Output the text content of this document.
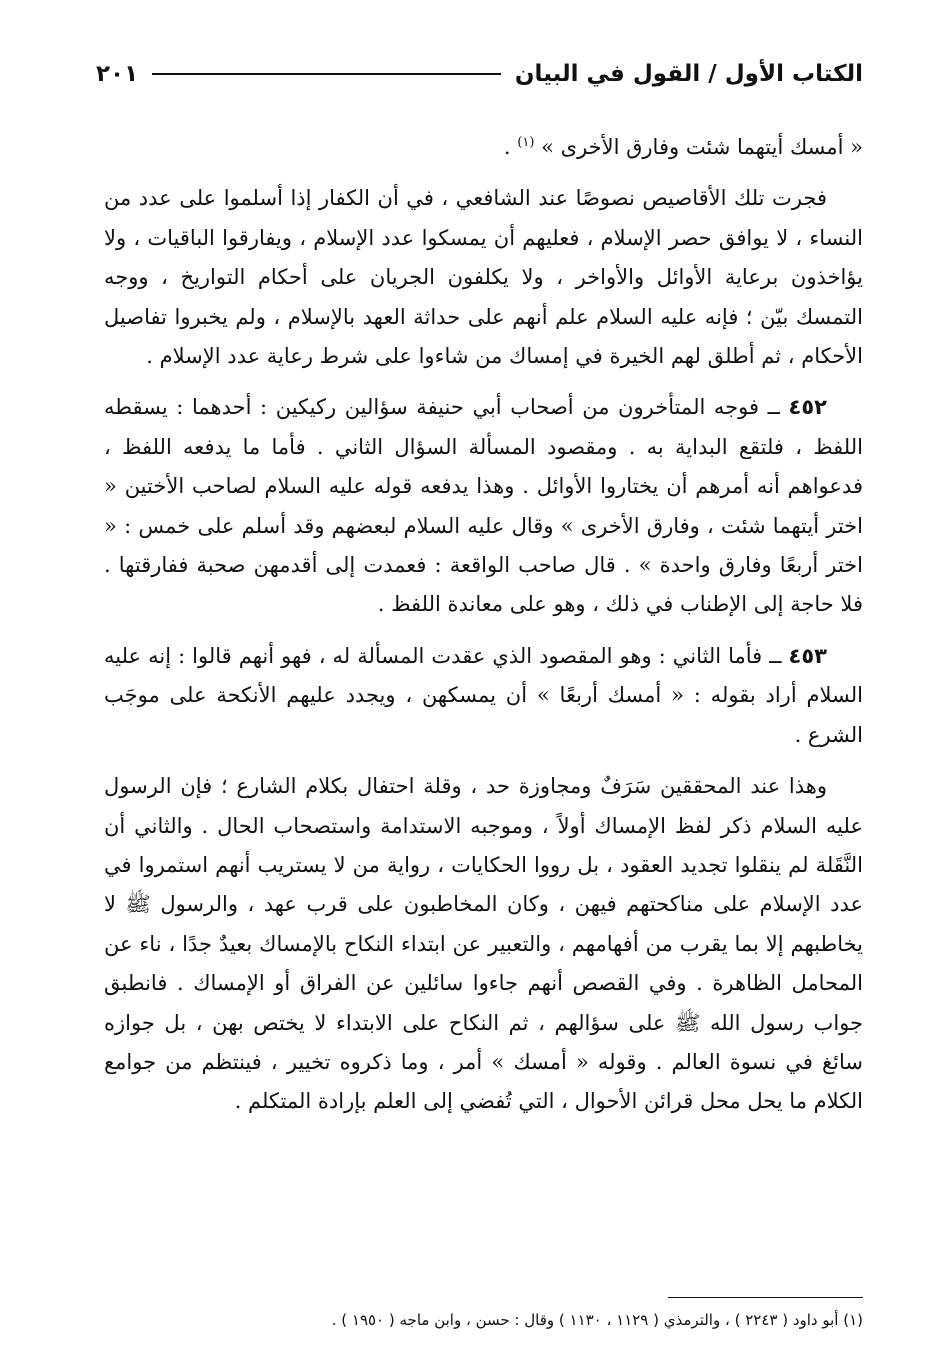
الكتاب الأول / القول في البيان
٢٠١

« أمسك أيتهما شئت وفارق الأخرى » $^{(١)}$ .

فجرت تلك الأقاصيص نصوصًا عند الشافعي ، في أن الكفار إذا أسلموا على عدد من النساء ، لا يوافق حصر الإسلام ، فعليهم أن يمسكوا عدد الإسلام ، ويفارقوا الباقيات ، ولا يؤاخذون برعاية الأوائل والأواخر ، ولا يكلفون الجريان على أحكام التواريخ ، ووجه التمسك بيّن ؛ فإنه عليه السلام علم أنهم على حداثة العهد بالإسلام ، ولم يخبروا تفاصيل الأحكام ، ثم أطلق لهم الخيرة في إمساك من شاءوا على شرط رعاية عدد الإسلام .

٤٥٢ ــ فوجه المتأخرون من أصحاب أبي حنيفة سؤالين ركيكين : أحدهما : يسقطه اللفظ ، فلتقع البداية به . ومقصود المسألة السؤال الثاني . فأما ما يدفعه اللفظ ، فدعواهم أنه أمرهم أن يختاروا الأوائل . وهذا يدفعه قوله عليه السلام لصاحب الأختين « اختر أيتهما شئت ، وفارق الأخرى » وقال عليه السلام لبعضهم وقد أسلم على خمس : « اختر أربعًا وفارق واحدة » . قال صاحب الواقعة : فعمدت إلى أقدمهن صحبة ففارقتها . فلا حاجة إلى الإطناب في ذلك ، وهو على معاندة اللفظ .

٤٥٣ ــ فأما الثاني : وهو المقصود الذي عقدت المسألة له ، فهو أنهم قالوا : إنه عليه السلام أراد بقوله : « أمسك أربعًا » أن يمسكهن ، ويجدد عليهم الأنكحة على موجَب الشرع .

وهذا عند المحققين سَرَفٌ ومجاوزة حد ، وقلة احتفال بكلام الشارع ؛ فإن الرسول عليه السلام ذكر لفظ الإمساك أولاً ، وموجبه الاستدامة واستصحاب الحال . والثاني أن النَّقَلة لم ينقلوا تجديد العقود ، بل رووا الحكايات ، رواية من لا يستريب أنهم استمروا في عدد الإسلام على مناكحتهم فيهن ، وكان المخاطبون على قرب عهد ، والرسول ﷺ لا يخاطبهم إلا بما يقرب من أفهامهم ، والتعبير عن ابتداء النكاح بالإمساك بعيدٌ جدًا ، ناء عن المحامل الظاهرة . وفي القصص أنهم جاءوا سائلين عن الفراق أو الإمساك . فانطبق جواب رسول الله ﷺ على سؤالهم ، ثم النكاح على الابتداء لا يختص بهن ، بل جوازه سائغ في نسوة العالم . وقوله « أمسك » أمر ، وما ذكروه تخيير ، فينتظم من جوامع الكلام ما يحل محل قرائن الأحوال ، التي تُفضي إلى العلم بإرادة المتكلم .

(١) أبو داود ( ٢٢٤٣ ) ، والترمذي ( ١١٢٩ ، ١١٣٠ ) وقال : حسن ، وابن ماجه ( ١٩٥٠ ) .
